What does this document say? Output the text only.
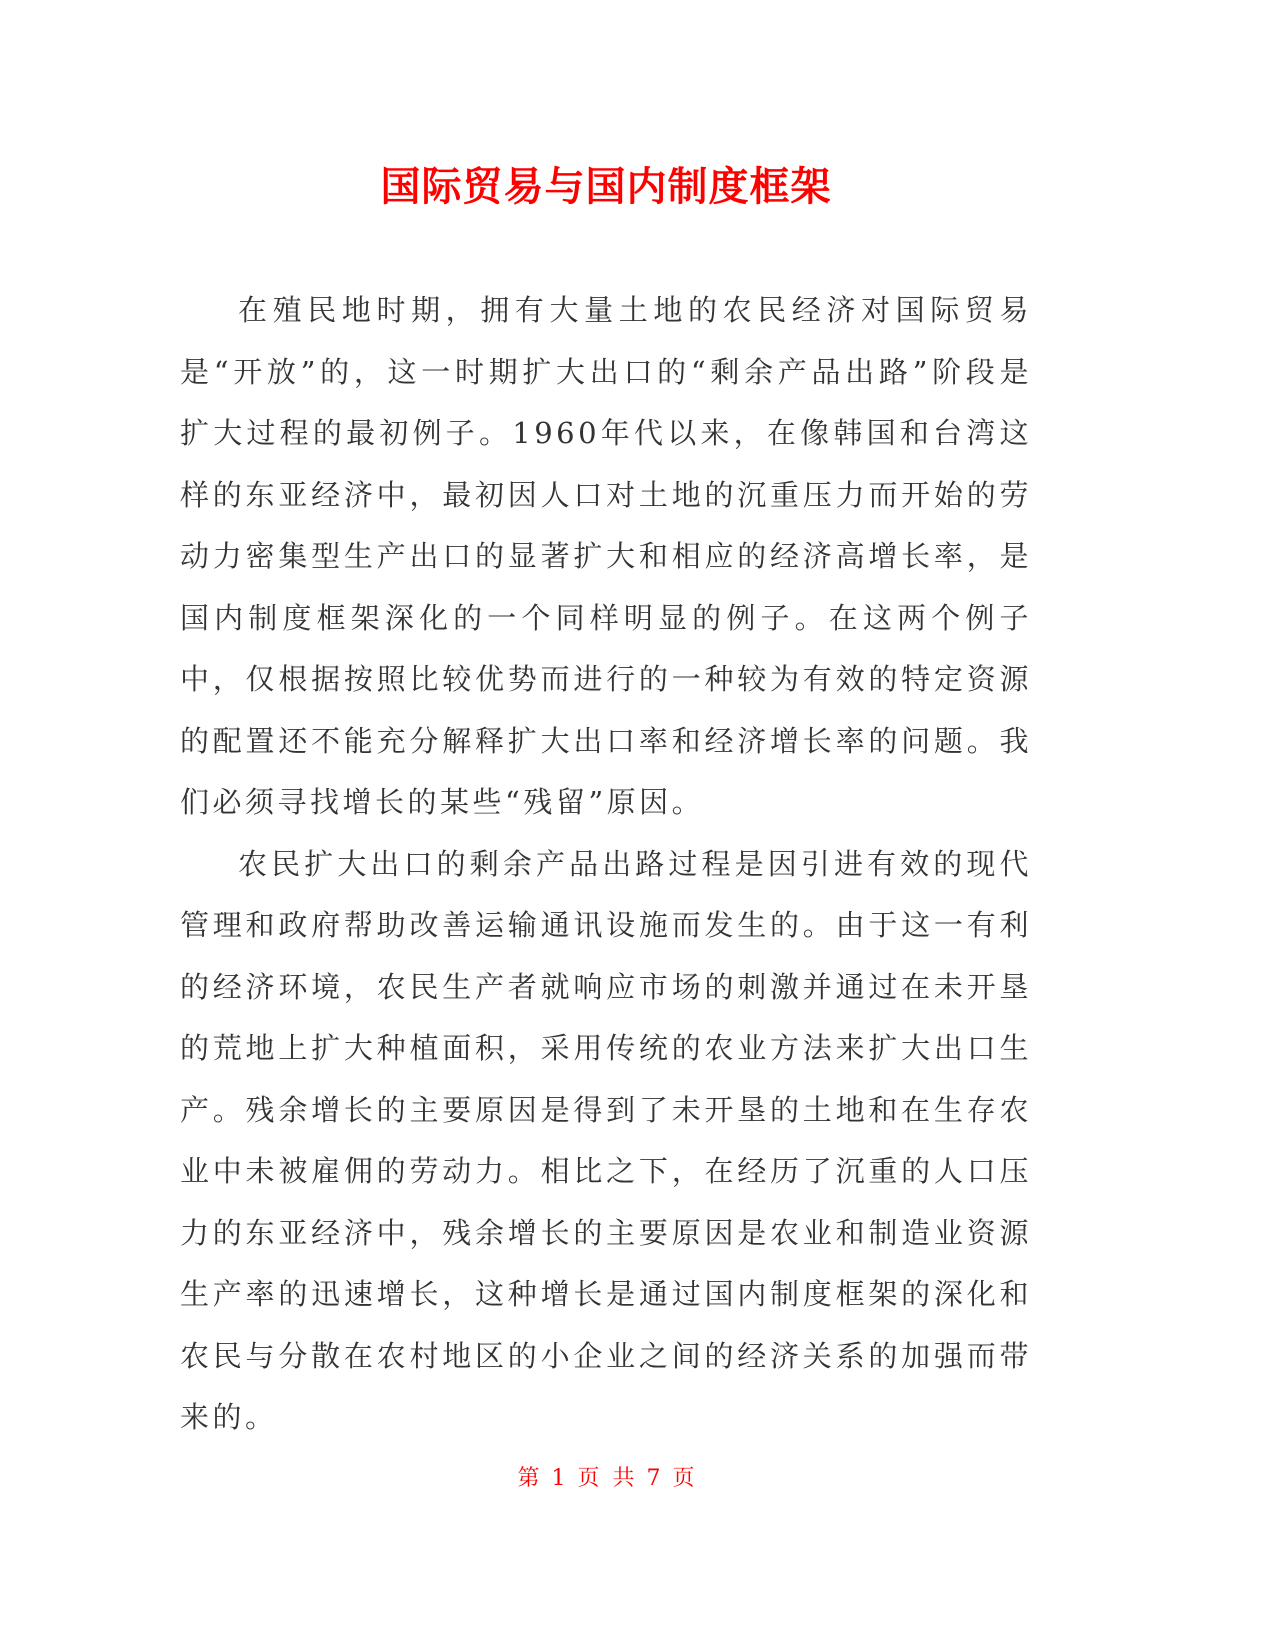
国际贸易与国内制度框架

在殖民地时期，拥有大量土地的农民经济对国际贸易是“开放”的，这一时期扩大出口的“剩余产品出路”阶段是扩大过程的最初例子。1960年代以来，在像韩国和台湾这样的东亚经济中，最初因人口对土地的沉重压力而开始的劳动力密集型生产出口的显著扩大和相应的经济高增长率，是国内制度框架深化的一个同样明显的例子。在这两个例子中，仅根据按照比较优势而进行的一种较为有效的特定资源的配置还不能充分解释扩大出口率和经济增长率的问题。我们必须寻找增长的某些“残留”原因。

农民扩大出口的剩余产品出路过程是因引进有效的现代管理和政府帮助改善运输通讯设施而发生的。由于这一有利的经济环境，农民生产者就响应市场的刺激并通过在未开垦的荒地上扩大种植面积，采用传统的农业方法来扩大出口生产。残余增长的主要原因是得到了未开垦的土地和在生存农业中未被雇佣的劳动力。相比之下，在经历了沉重的人口压力的东亚经济中，残余增长的主要原因是农业和制造业资源生产率的迅速增长，这种增长是通过国内制度框架的深化和农民与分散在农村地区的小企业之间的经济关系的加强而带来的。

第 1 页 共 7 页
